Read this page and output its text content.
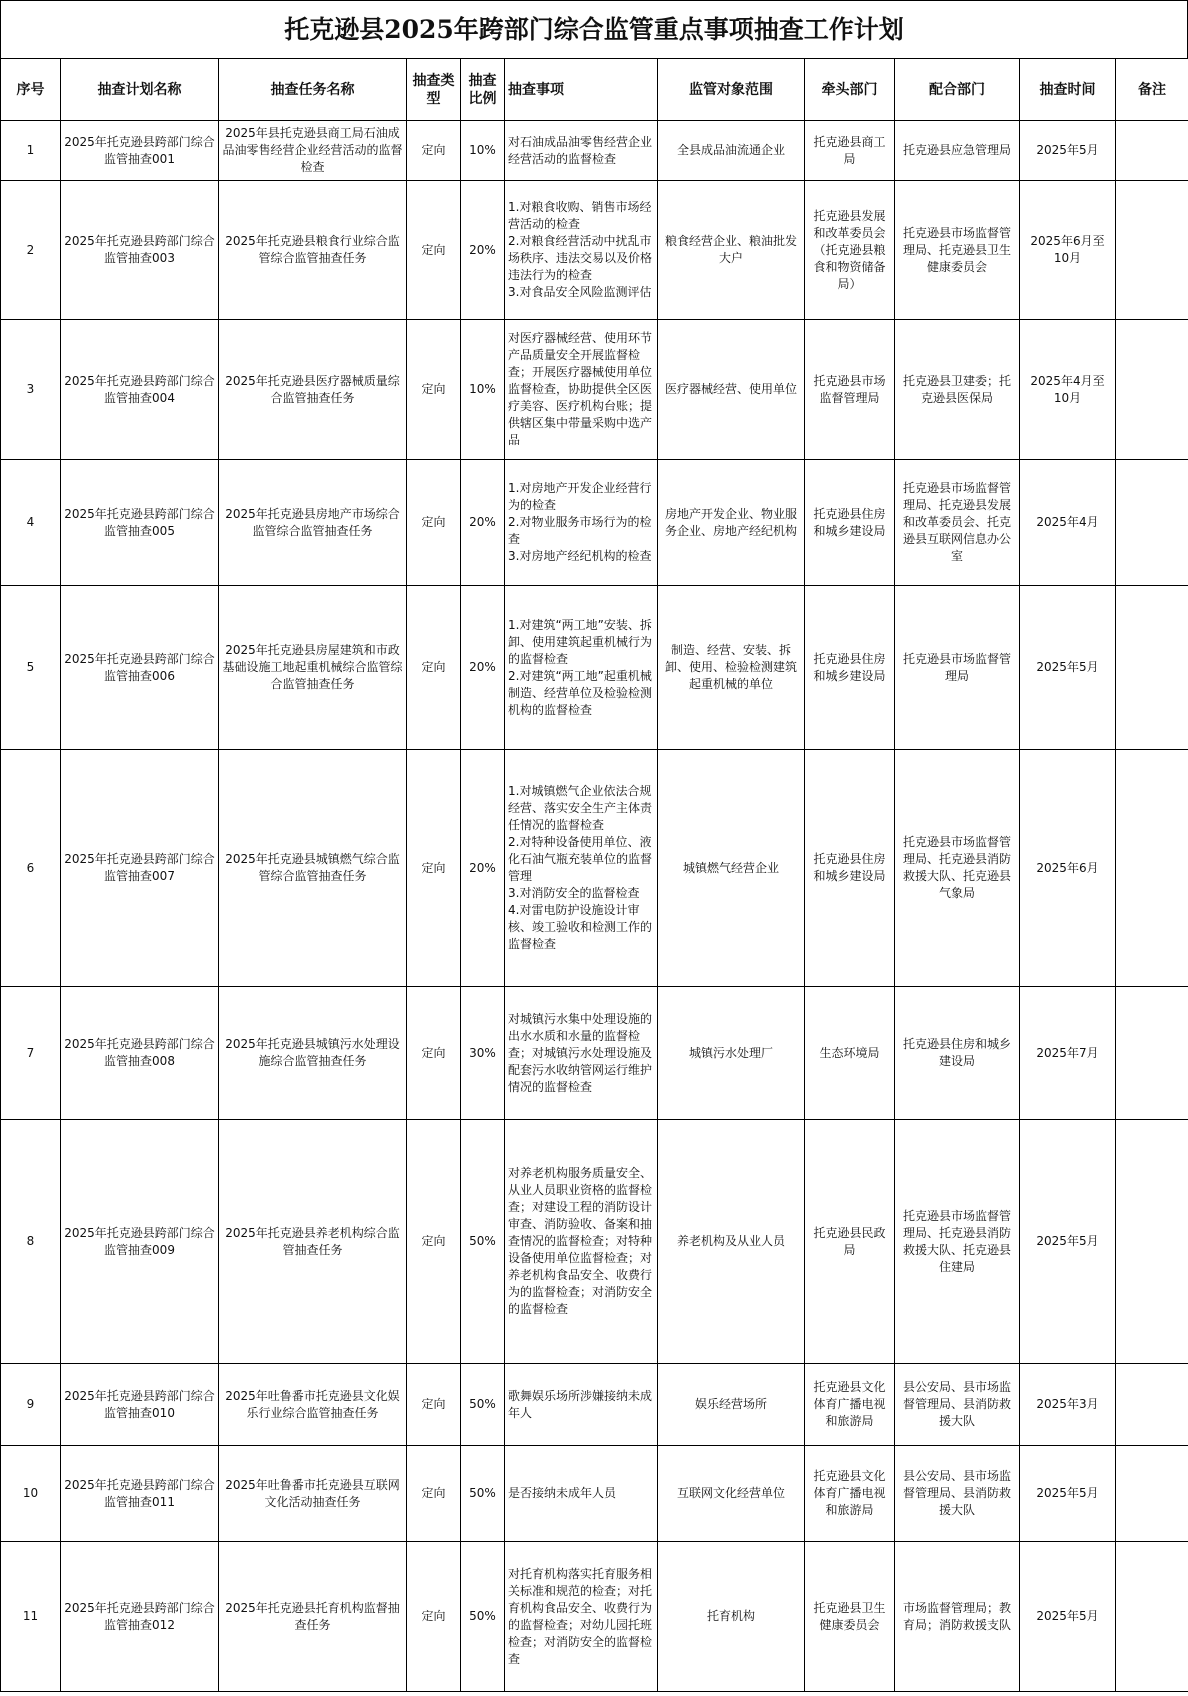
托克逊县2025年跨部门综合监管重点事项抽查工作计划
序号	抽查计划名称	抽查任务名称	抽查类型	抽查比例	抽查事项	监管对象范围	牵头部门	配合部门	抽查时间	备注
1	2025年托克逊县跨部门综合监管抽查001	2025年县托克逊县商工局石油成品油零售经营企业经营活动的监督检查	定向	10%	对石油成品油零售经营企业经营活动的监督检查	全县成品油流通企业	托克逊县商工局	托克逊县应急管理局	2025年5月	
2	2025年托克逊县跨部门综合监管抽查003	2025年托克逊县粮食行业综合监管综合监管抽查任务	定向	20%	1.对粮食收购、销售市场经营活动的检查
2.对粮食经营活动中扰乱市场秩序、违法交易以及价格违法行为的检查
3.对食品安全风险监测评估	粮食经营企业、粮油批发大户	托克逊县发展和改革委员会（托克逊县粮食和物资储备局）	托克逊县市场监督管理局、托克逊县卫生健康委员会	2025年6月至10月	
3	2025年托克逊县跨部门综合监管抽查004	2025年托克逊县医疗器械质量综合监管抽查任务	定向	10%	对医疗器械经营、使用环节产品质量安全开展监督检查；开展医疗器械使用单位监督检查，协助提供全区医疗美容、医疗机构台账；提供辖区集中带量采购中选产品	医疗器械经营、使用单位	托克逊县市场监督管理局	托克逊县卫建委；托克逊县医保局	2025年4月至10月	
4	2025年托克逊县跨部门综合监管抽查005	2025年托克逊县房地产市场综合监管综合监管抽查任务	定向	20%	1.对房地产开发企业经营行为的检查
2.对物业服务市场行为的检查
3.对房地产经纪机构的检查	房地产开发企业、物业服务企业、房地产经纪机构	托克逊县住房和城乡建设局	托克逊县市场监督管理局、托克逊县发展和改革委员会、托克逊县互联网信息办公室	2025年4月	
5	2025年托克逊县跨部门综合监管抽查006	2025年托克逊县房屋建筑和市政基础设施工地起重机械综合监管综合监管抽查任务	定向	20%	1.对建筑“两工地”安装、拆卸、使用建筑起重机械行为的监督检查
2.对建筑“两工地”起重机械制造、经营单位及检验检测机构的监督检查	制造、经营、安装、拆卸、使用、检验检测建筑起重机械的单位	托克逊县住房和城乡建设局	托克逊县市场监督管理局	2025年5月	
6	2025年托克逊县跨部门综合监管抽查007	2025年托克逊县城镇燃气综合监管综合监管抽查任务	定向	20%	1.对城镇燃气企业依法合规经营、落实安全生产主体责任情况的监督检查
2.对特种设备使用单位、液化石油气瓶充装单位的监督管理
3.对消防安全的监督检查
4.对雷电防护设施设计审核、竣工验收和检测工作的监督检查	城镇燃气经营企业	托克逊县住房和城乡建设局	托克逊县市场监督管理局、托克逊县消防救援大队、托克逊县气象局	2025年6月	
7	2025年托克逊县跨部门综合监管抽查008	2025年托克逊县城镇污水处理设施综合监管抽查任务	定向	30%	对城镇污水集中处理设施的出水水质和水量的监督检查；对城镇污水处理设施及配套污水收纳管网运行维护情况的监督检查	城镇污水处理厂	生态环境局	托克逊县住房和城乡建设局	2025年7月	
8	2025年托克逊县跨部门综合监管抽查009	2025年托克逊县养老机构综合监管抽查任务	定向	50%	对养老机构服务质量安全、从业人员职业资格的监督检查；对建设工程的消防设计审查、消防验收、备案和抽查情况的监督检查；对特种设备使用单位监督检查；对养老机构食品安全、收费行为的监督检查；对消防安全的监督检查	养老机构及从业人员	托克逊县民政局	托克逊县市场监督管理局、托克逊县消防救援大队、托克逊县住建局	2025年5月	
9	2025年托克逊县跨部门综合监管抽查010	2025年吐鲁番市托克逊县文化娱乐行业综合监管抽查任务	定向	50%	歌舞娱乐场所涉嫌接纳未成年人	娱乐经营场所	托克逊县文化体育广播电视和旅游局	县公安局、县市场监督管理局、县消防救援大队	2025年3月	
10	2025年托克逊县跨部门综合监管抽查011	2025年吐鲁番市托克逊县互联网文化活动抽查任务	定向	50%	是否接纳未成年人员	互联网文化经营单位	托克逊县文化体育广播电视和旅游局	县公安局、县市场监督管理局、县消防救援大队	2025年5月	
11	2025年托克逊县跨部门综合监管抽查012	2025年托克逊县托育机构监督抽查任务	定向	50%	对托育机构落实托育服务相关标准和规范的检查；对托育机构食品安全、收费行为的监督检查；对幼儿园托班检查；对消防安全的监督检查	托育机构	托克逊县卫生健康委员会	市场监督管理局；教育局；消防救援支队	2025年5月	
